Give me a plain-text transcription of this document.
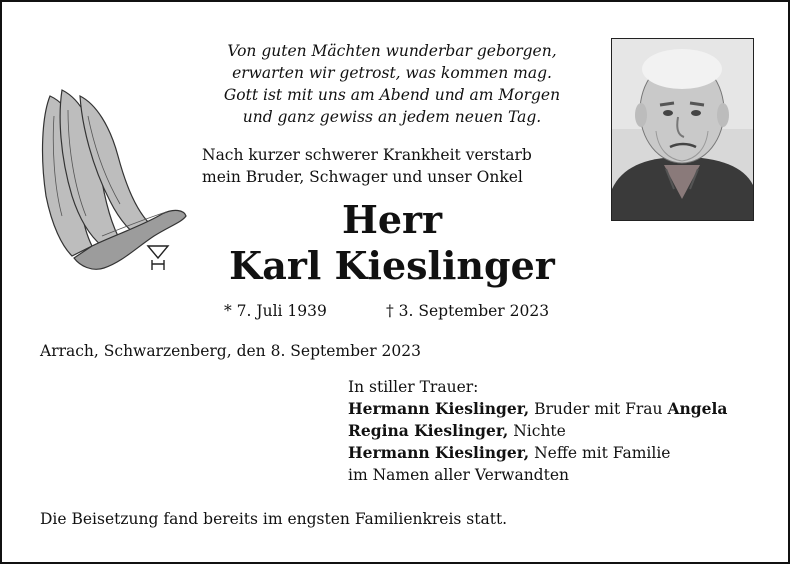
Von guten Mächten wunderbar geborgen,
erwarten wir getrost, was kommen mag.
Gott ist mit uns am Abend und am Morgen
und ganz gewiss an jedem neuen Tag.
Nach kurzer schwerer Krankheit verstarb
mein Bruder, Schwager und unser Onkel
Herr
Karl Kieslinger
* 7. Juli 1939	† 3. September 2023
Arrach, Schwarzenberg, den 8. September 2023
In stiller Trauer:
Hermann Kieslinger, Bruder mit Frau Angela
Regina Kieslinger, Nichte
Hermann Kieslinger, Neffe mit Familie
im Namen aller Verwandten
Die Beisetzung fand bereits im engsten Familienkreis statt.
